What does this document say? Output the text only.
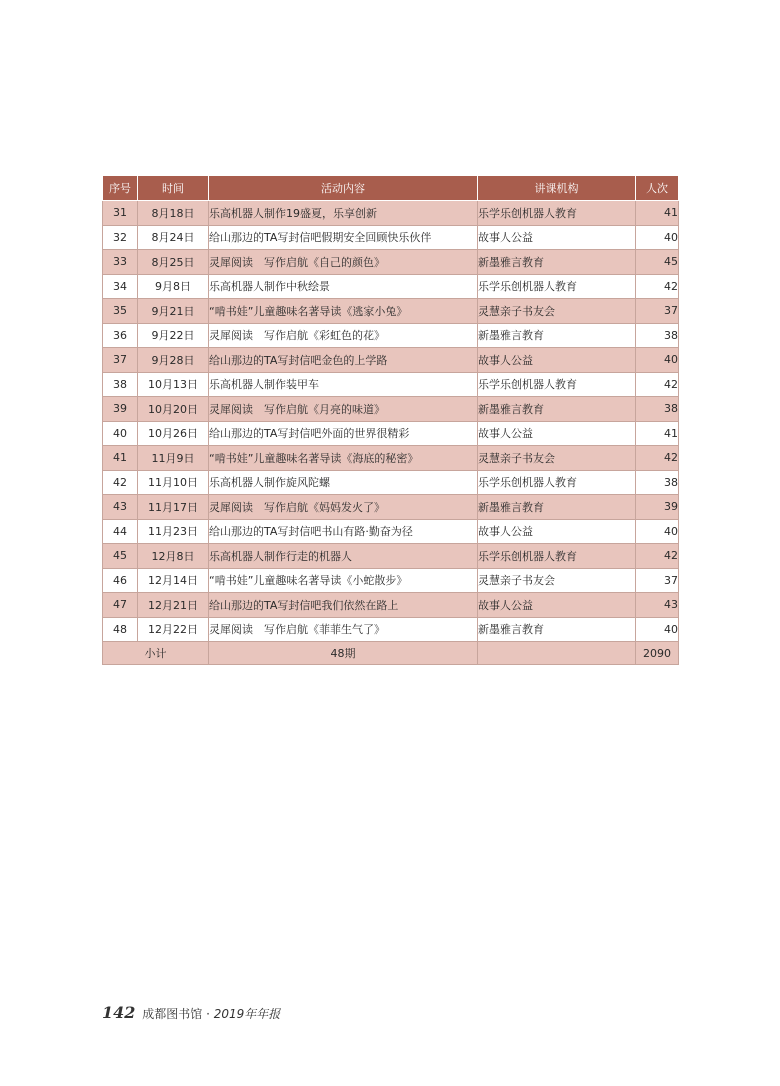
序号	时间	活动内容	讲课机构	人次
31	8月18日	乐高机器人制作19盛夏，乐享创新	乐学乐创机器人教育	41
32	8月24日	给山那边的TA写封信吧假期安全回顾快乐伙伴	故事人公益	40
33	8月25日	灵犀阅读　写作启航《自己的颜色》	新墨雅言教育	45
34	9月8日	乐高机器人制作中秋绘景	乐学乐创机器人教育	42
35	9月21日	“啃书娃”儿童趣味名著导读《逃家小兔》	灵慧亲子书友会	37
36	9月22日	灵犀阅读　写作启航《彩虹色的花》	新墨雅言教育	38
37	9月28日	给山那边的TA写封信吧金色的上学路	故事人公益	40
38	10月13日	乐高机器人制作装甲车	乐学乐创机器人教育	42
39	10月20日	灵犀阅读　写作启航《月亮的味道》	新墨雅言教育	38
40	10月26日	给山那边的TA写封信吧外面的世界很精彩	故事人公益	41
41	11月9日	“啃书娃”儿童趣味名著导读《海底的秘密》	灵慧亲子书友会	42
42	11月10日	乐高机器人制作旋风陀螺	乐学乐创机器人教育	38
43	11月17日	灵犀阅读　写作启航《妈妈发火了》	新墨雅言教育	39
44	11月23日	给山那边的TA写封信吧书山有路·勤奋为径	故事人公益	40
45	12月8日	乐高机器人制作行走的机器人	乐学乐创机器人教育	42
46	12月14日	“啃书娃”儿童趣味名著导读《小蛇散步》	灵慧亲子书友会	37
47	12月21日	给山那边的TA写封信吧我们依然在路上	故事人公益	43
48	12月22日	灵犀阅读　写作启航《菲菲生气了》	新墨雅言教育	40
小计		48期		2090
142 成都图书馆 · 2019年年报
